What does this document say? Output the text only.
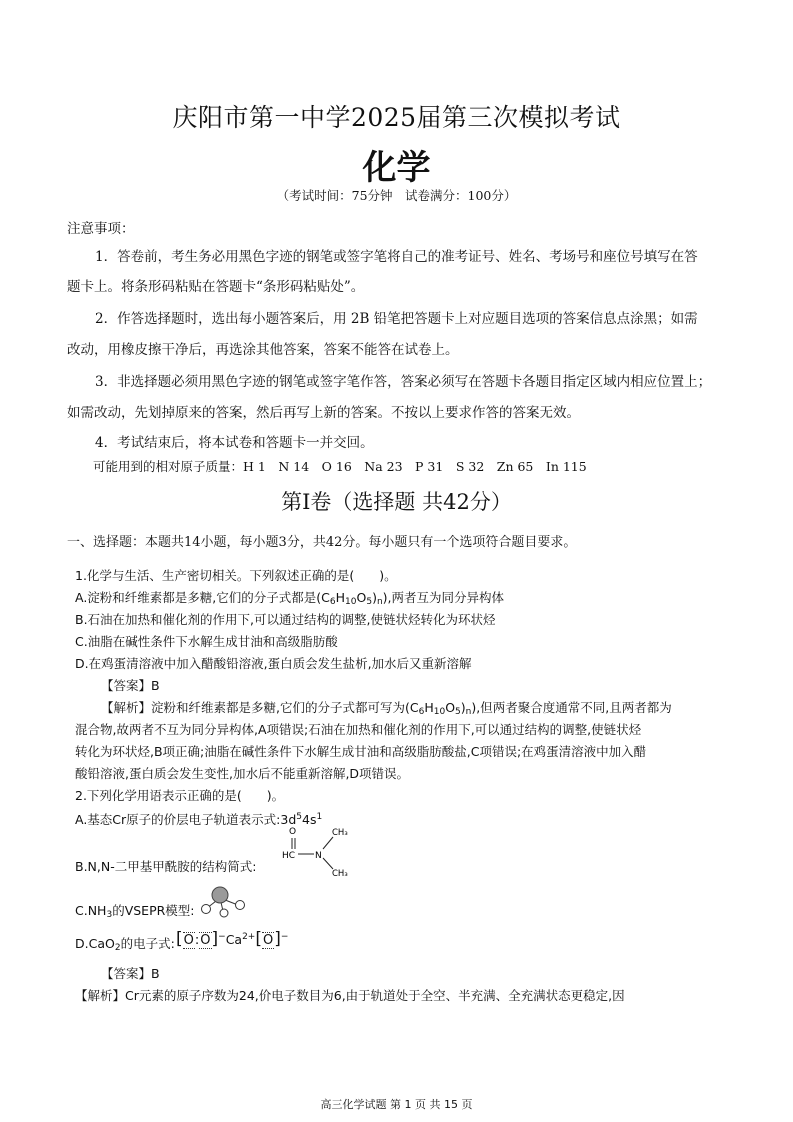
庆阳市第一中学2025届第三次模拟考试
化学
（考试时间：75分钟　试卷满分：100分）
注意事项：
1．答卷前，考生务必用黑色字迹的钢笔或签字笔将自己的准考证号、姓名、考场号和座位号填写在答
题卡上。将条形码粘贴在答题卡“条形码粘贴处”。
2．作答选择题时，选出每小题答案后，用 2B 铅笔把答题卡上对应题目选项的答案信息点涂黑；如需
改动，用橡皮擦干净后，再选涂其他答案，答案不能答在试卷上。
3．非选择题必须用黑色字迹的钢笔或签字笔作答，答案必须写在答题卡各题目指定区域内相应位置上；
如需改动，先划掉原来的答案，然后再写上新的答案。不按以上要求作答的答案无效。
4．考试结束后，将本试卷和答题卡一并交回。
可能用到的相对原子质量：H 1　N 14　O 16　Na 23　P 31　S 32　Zn 65　In 115
第Ⅰ卷（选择题 共42分）
一、选择题：本题共14小题，每小题3分，共42分。每小题只有一个选项符合题目要求。
1.化学与生活、生产密切相关。下列叙述正确的是(　　)。
A.淀粉和纤维素都是多糖,它们的分子式都是$(C_6H_{10}O_5)_n$),两者互为同分异构体
B.石油在加热和催化剂的作用下,可以通过结构的调整,使链状烃转化为环状烃
C.油脂在碱性条件下水解生成甘油和高级脂肪酸
D.在鸡蛋清溶液中加入醋酸铅溶液,蛋白质会发生盐析,加水后又重新溶解
【答案】B
【解析】淀粉和纤维素都是多糖,它们的分子式都可写为$(C_6H_{10}O_5)_n$),但两者聚合度通常不同,且两者都为
混合物,故两者不互为同分异构体,A项错误;石油在加热和催化剂的作用下,可以通过结构的调整,使链状烃
转化为环状烃,B项正确;油脂在碱性条件下水解生成甘油和高级脂肪酸盐,C项错误;在鸡蛋清溶液中加入醋
酸铅溶液,蛋白质会发生变性,加水后不能重新溶解,D项错误。
2.下列化学用语表示正确的是(　　)。
A.基态Cr原子的价层电子轨道表示式$:3d^54s^1$
B.N,N-二甲基甲酰胺的结构简式:
O
HC N
CH₃
CH₃
$C.NH_3$的VSEPR模型:
D.CaO$_2$的电子式: $[O:O]^-Ca^{2+}[O]^-$
【答案】B
【解析】Cr元素的原子序数为24,价电子数目为6,由于轨道处于全空、半充满、全充满状态更稳定,因
高三化学试题 第 1 页 共 15 页
